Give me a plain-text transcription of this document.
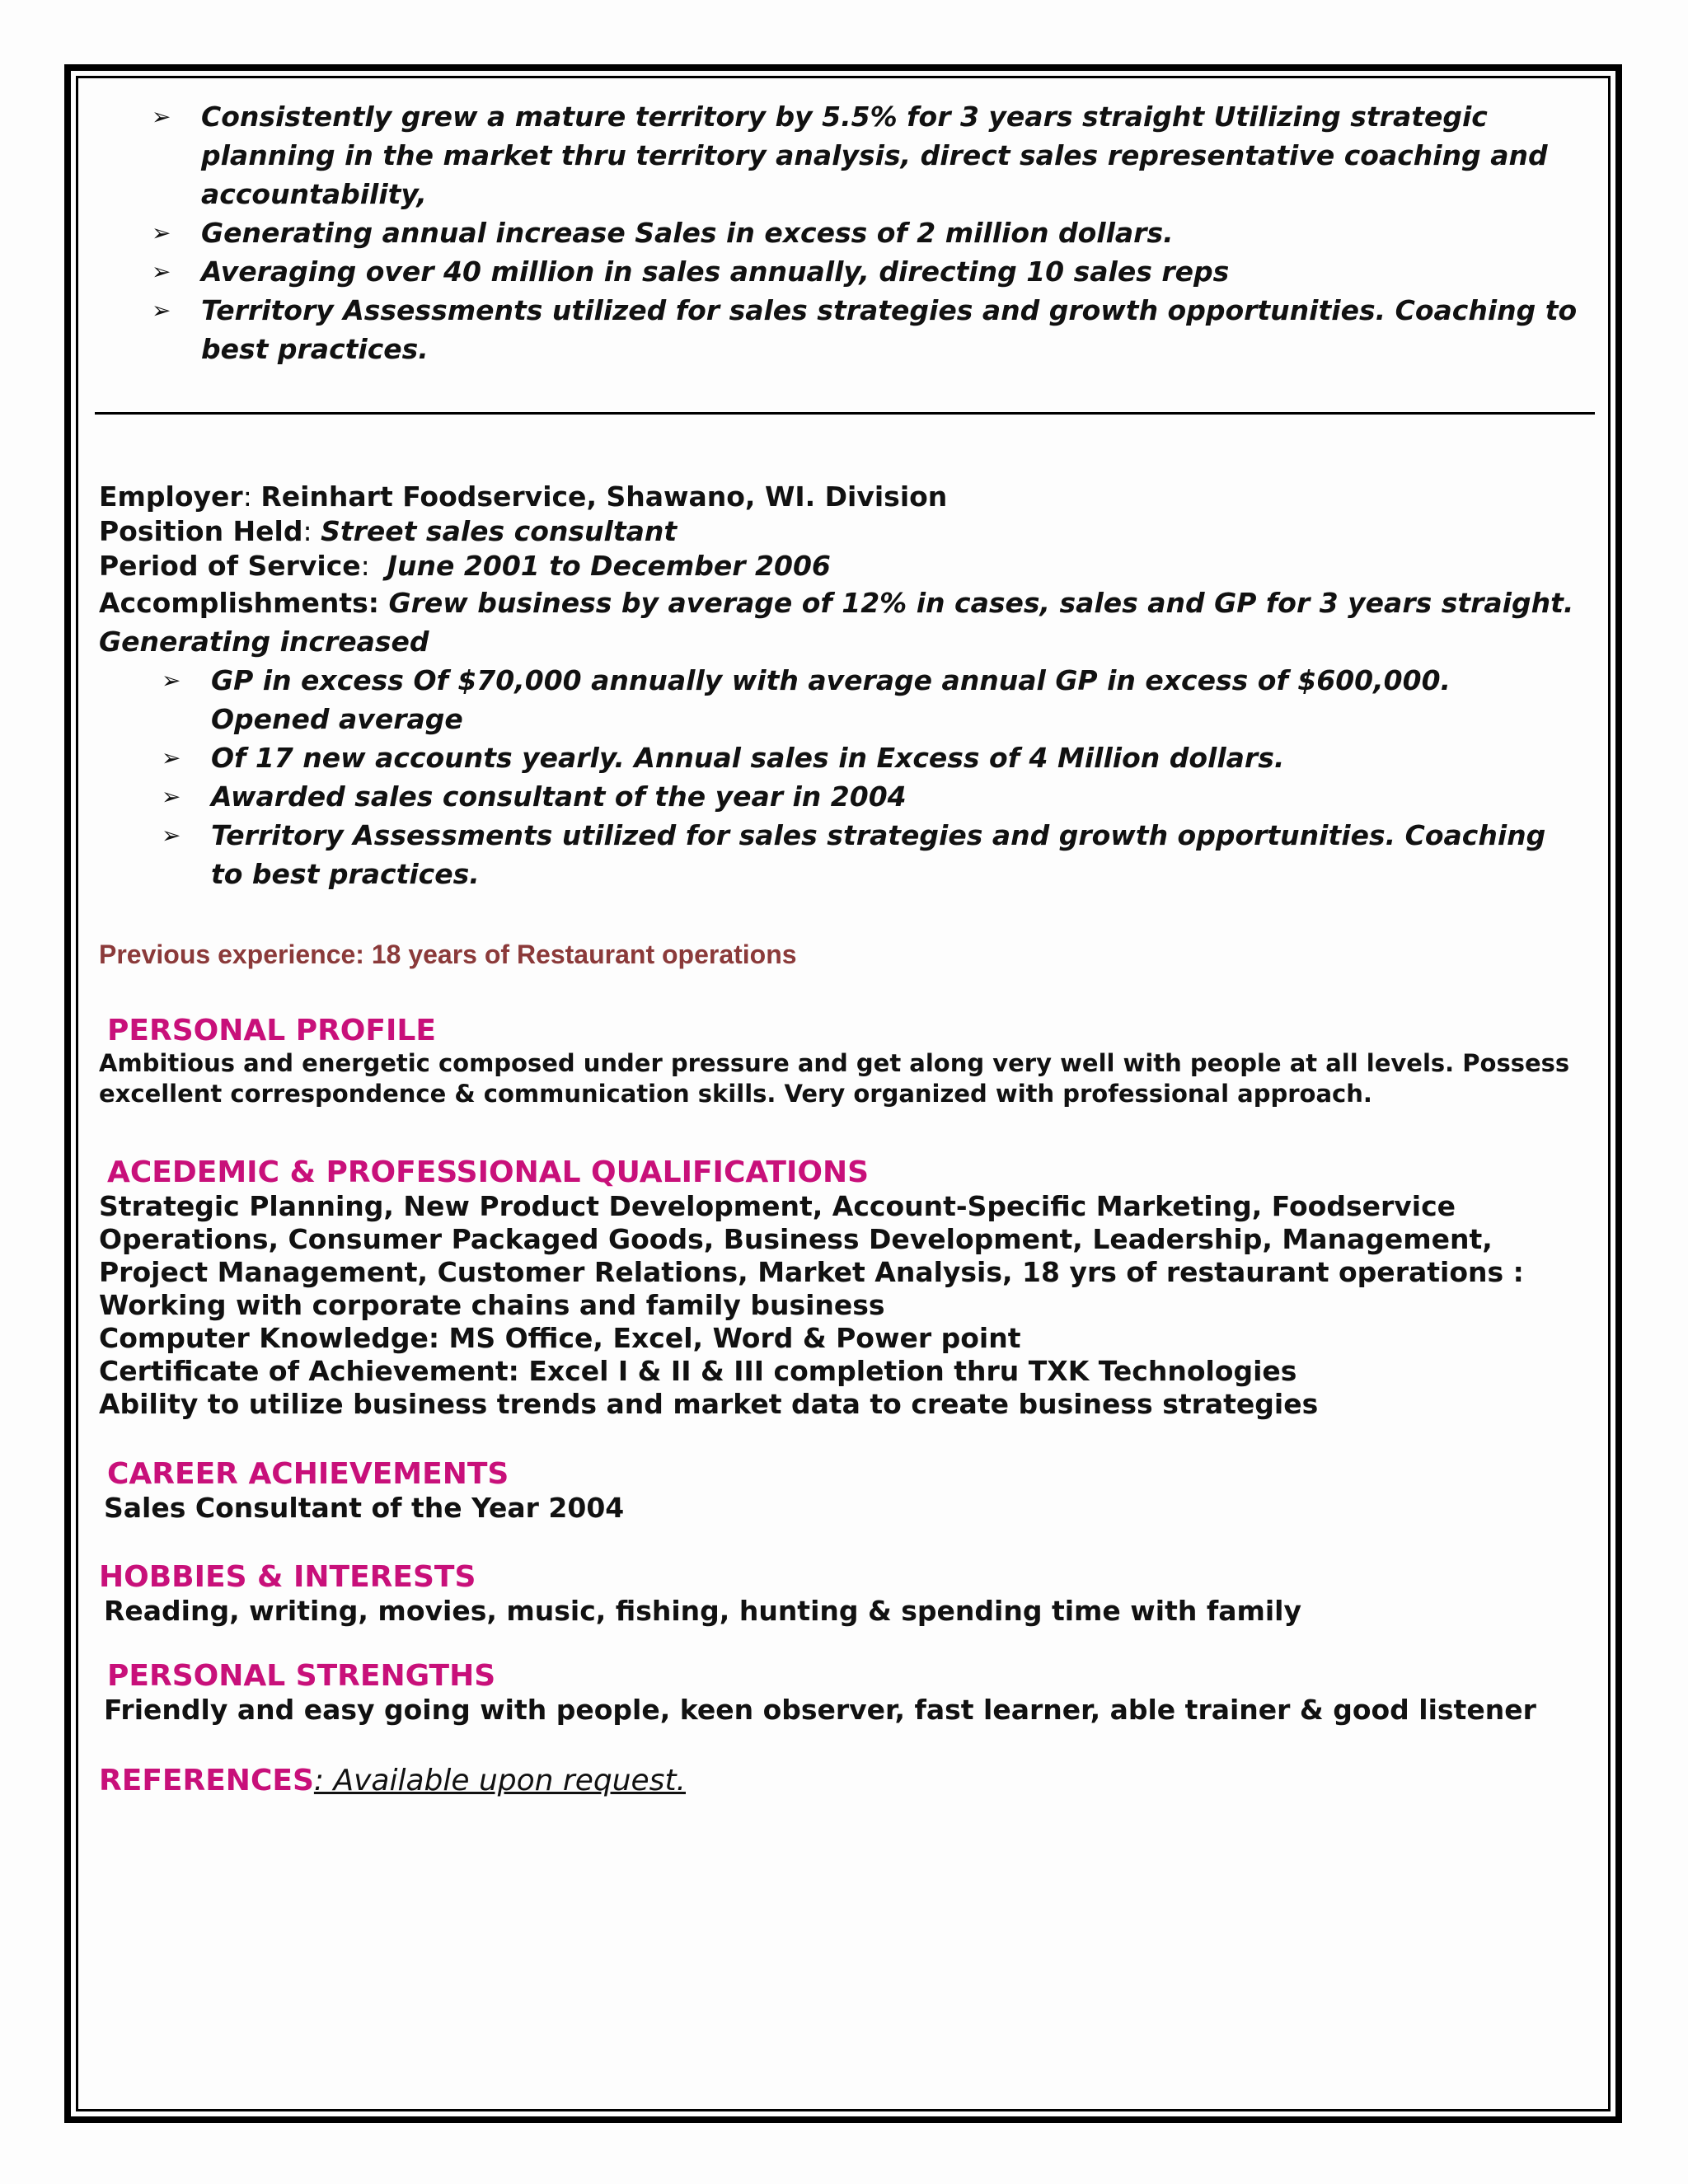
➢ Consistently grew a mature territory by 5.5% for 3 years straight Utilizing strategic planning in the market thru territory analysis, direct sales representative coaching and accountability,
➢ Generating annual increase Sales in excess of 2 million dollars.
➢ Averaging over 40 million in sales annually, directing 10 sales reps
➢ Territory Assessments utilized for sales strategies and growth opportunities. Coaching to best practices.
Employer: Reinhart Foodservice, Shawano, WI. Division
Position Held: Street sales consultant
Period of Service:  June 2001 to December 2006
Accomplishments: Grew business by average of 12% in cases, sales and GP for 3 years straight. Generating increased
➢ GP in excess Of $70,000 annually with average annual GP in excess of $600,000. Opened average
➢ Of 17 new accounts yearly. Annual sales in Excess of 4 Million dollars.
➢ Awarded sales consultant of the year in 2004
➢ Territory Assessments utilized for sales strategies and growth opportunities. Coaching to best practices.
Previous experience: 18 years of Restaurant operations
PERSONAL PROFILE
Ambitious and energetic composed under pressure and get along very well with people at all levels. Possess excellent correspondence & communication skills. Very organized with professional approach.
ACEDEMIC & PROFESSIONAL QUALIFICATIONS
Strategic Planning, New Product Development, Account-Specific Marketing, Foodservice Operations, Consumer Packaged Goods, Business Development, Leadership, Management, Project Management, Customer Relations, Market Analysis, 18 yrs of restaurant operations : Working with corporate chains and family business
Computer Knowledge: MS Office, Excel, Word & Power point
Certificate of Achievement: Excel I & II & III completion thru TXK Technologies
Ability to utilize business trends and market data to create business strategies
CAREER ACHIEVEMENTS
Sales Consultant of the Year 2004
HOBBIES & INTERESTS
Reading, writing, movies, music, fishing, hunting & spending time with family
PERSONAL STRENGTHS
Friendly and easy going with people, keen observer, fast learner, able trainer & good listener
REFERENCES: Available upon request.
